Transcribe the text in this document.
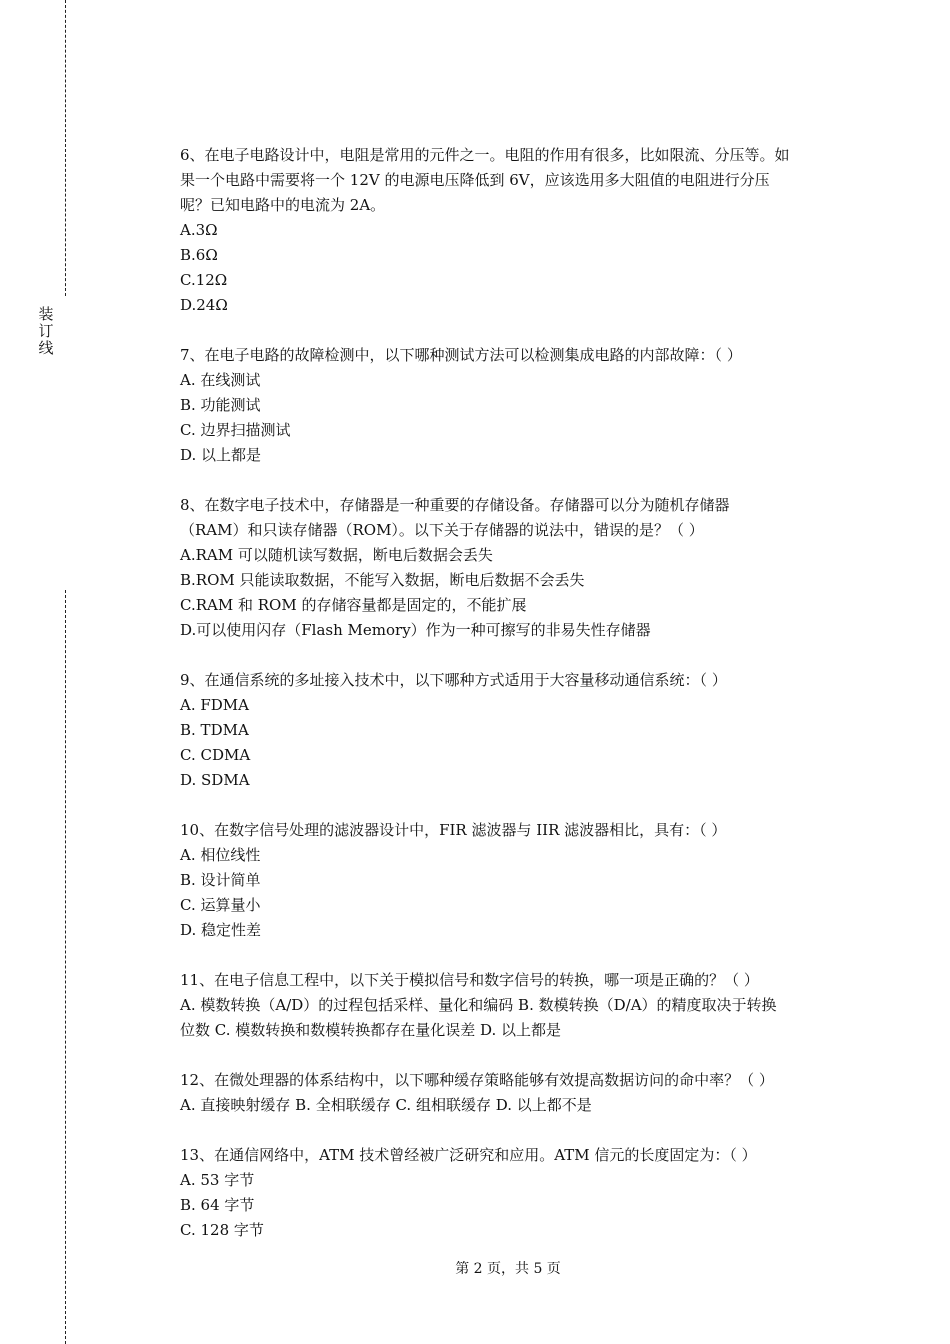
装
订
线
6、在电子电路设计中，电阻是常用的元件之一。电阻的作用有很多，比如限流、分压等。如
果一个电路中需要将一个 12V 的电源电压降低到 6V，应该选用多大阻值的电阻进行分压
呢？已知电路中的电流为 2A。
A.3Ω
B.6Ω
C.12Ω
D.24Ω
7、在电子电路的故障检测中，以下哪种测试方法可以检测集成电路的内部故障：（ ）
A. 在线测试
B. 功能测试
C. 边界扫描测试
D. 以上都是
8、在数字电子技术中，存储器是一种重要的存储设备。存储器可以分为随机存储器
（RAM）和只读存储器（ROM）。以下关于存储器的说法中，错误的是？（ ）
A.RAM 可以随机读写数据，断电后数据会丢失
B.ROM 只能读取数据，不能写入数据，断电后数据不会丢失
C.RAM 和 ROM 的存储容量都是固定的，不能扩展
D.可以使用闪存（Flash Memory）作为一种可擦写的非易失性存储器
9、在通信系统的多址接入技术中，以下哪种方式适用于大容量移动通信系统：（ ）
A. FDMA
B. TDMA
C. CDMA
D. SDMA
10、在数字信号处理的滤波器设计中，FIR 滤波器与 IIR 滤波器相比，具有：（ ）
A. 相位线性
B. 设计简单
C. 运算量小
D. 稳定性差
11、在电子信息工程中，以下关于模拟信号和数字信号的转换，哪一项是正确的？（ ）
A. 模数转换（A/D）的过程包括采样、量化和编码 B. 数模转换（D/A）的精度取决于转换
位数 C. 模数转换和数模转换都存在量化误差 D. 以上都是
12、在微处理器的体系结构中，以下哪种缓存策略能够有效提高数据访问的命中率？（ ）
A. 直接映射缓存 B. 全相联缓存 C. 组相联缓存 D. 以上都不是
13、在通信网络中，ATM 技术曾经被广泛研究和应用。ATM 信元的长度固定为：（ ）
A. 53 字节
B. 64 字节
C. 128 字节
第 2 页，共 5 页
